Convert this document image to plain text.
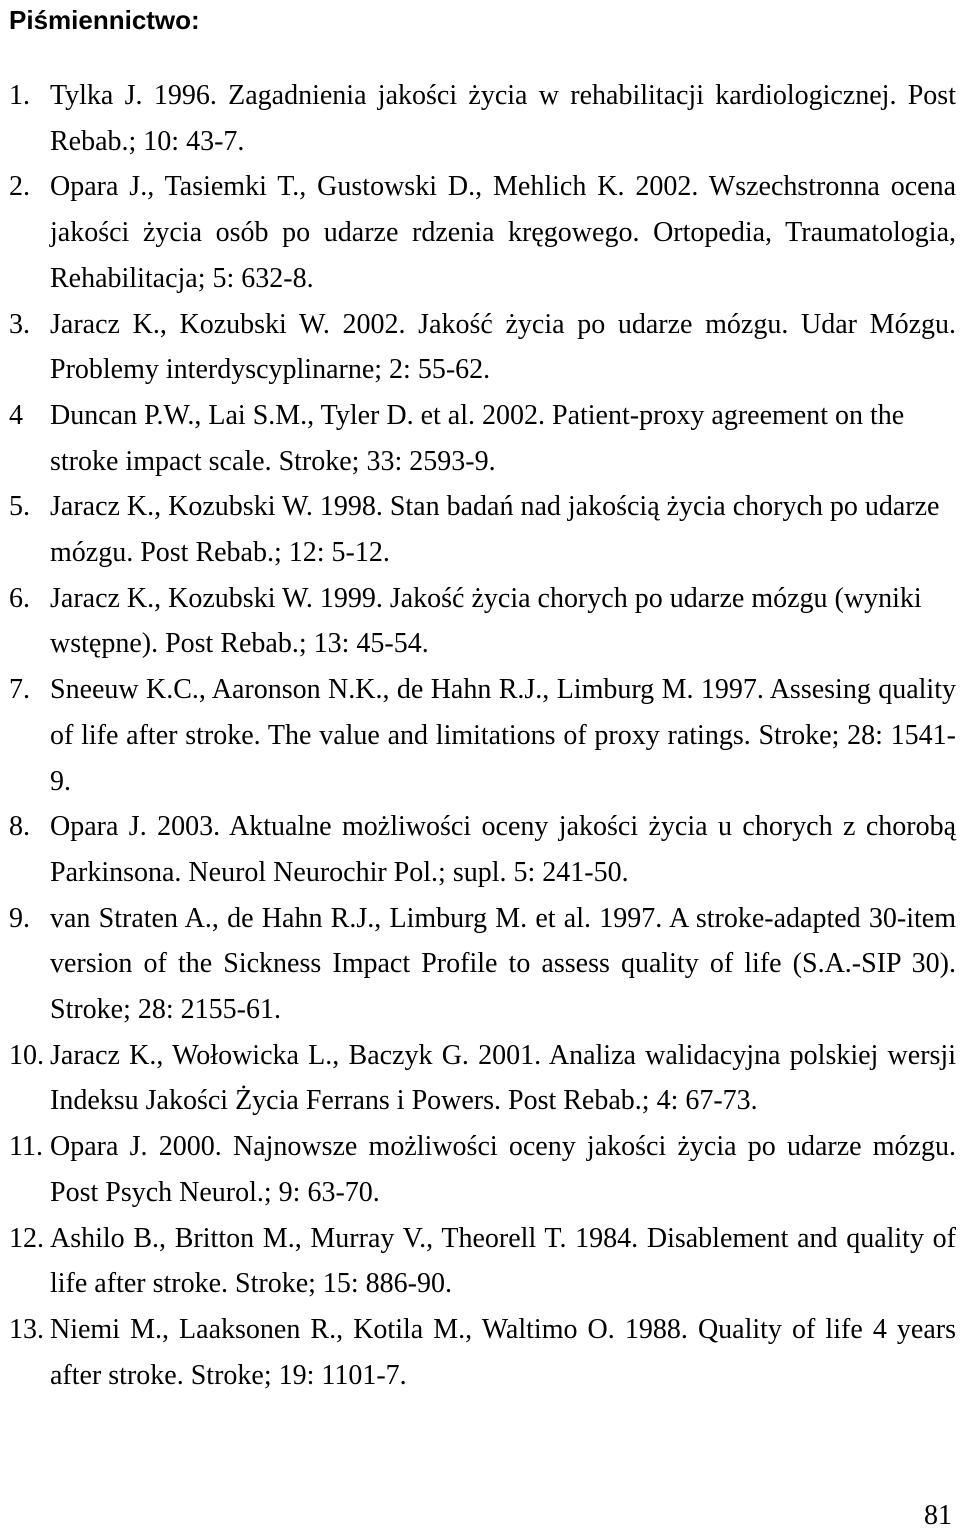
Piśmiennictwo:
1. Tylka J. 1996. Zagadnienia jakości życia w rehabilitacji kardiologicznej. Post Rebab.; 10: 43-7.
2. Opara J., Tasiemki T., Gustowski D., Mehlich K. 2002. Wszechstronna ocena jakości życia osób po udarze rdzenia kręgowego. Ortopedia, Traumatologia, Rehabilitacja; 5: 632-8.
3. Jaracz K., Kozubski W. 2002. Jakość życia po udarze mózgu. Udar Mózgu. Problemy interdyscyplinarne; 2: 55-62.
4 Duncan P.W., Lai S.M., Tyler D. et al. 2002. Patient-proxy agreement on the stroke impact scale. Stroke; 33: 2593-9.
5. Jaracz K., Kozubski W. 1998. Stan badań nad jakością życia chorych po udarze mózgu. Post Rebab.; 12: 5-12.
6. Jaracz K., Kozubski W. 1999. Jakość życia chorych po udarze mózgu (wyniki wstępne). Post Rebab.; 13: 45-54.
7. Sneeuw K.C., Aaronson N.K., de Hahn R.J., Limburg M. 1997. Assesing quality of life after stroke. The value and limitations of proxy ratings. Stroke; 28: 1541-9.
8. Opara J. 2003. Aktualne możliwości oceny jakości życia u chorych z chorobą Parkinsona. Neurol Neurochir Pol.; supl. 5: 241-50.
9. van Straten A., de Hahn R.J., Limburg M. et al. 1997. A stroke-adapted 30-item version of the Sickness Impact Profile to assess quality of life (S.A.-SIP 30). Stroke; 28: 2155-61.
10. Jaracz K., Wołowicka L., Baczyk G. 2001. Analiza walidacyjna polskiej wersji Indeksu Jakości Życia Ferrans i Powers. Post Rebab.; 4: 67-73.
11. Opara J. 2000. Najnowsze możliwości oceny jakości życia po udarze mózgu. Post Psych Neurol.; 9: 63-70.
12. Ashilo B., Britton M., Murray V., Theorell T. 1984. Disablement and quality of life after stroke. Stroke; 15: 886-90.
13. Niemi M., Laaksonen R., Kotila M., Waltimo O. 1988. Quality of life 4 years after stroke. Stroke; 19: 1101-7.
81
